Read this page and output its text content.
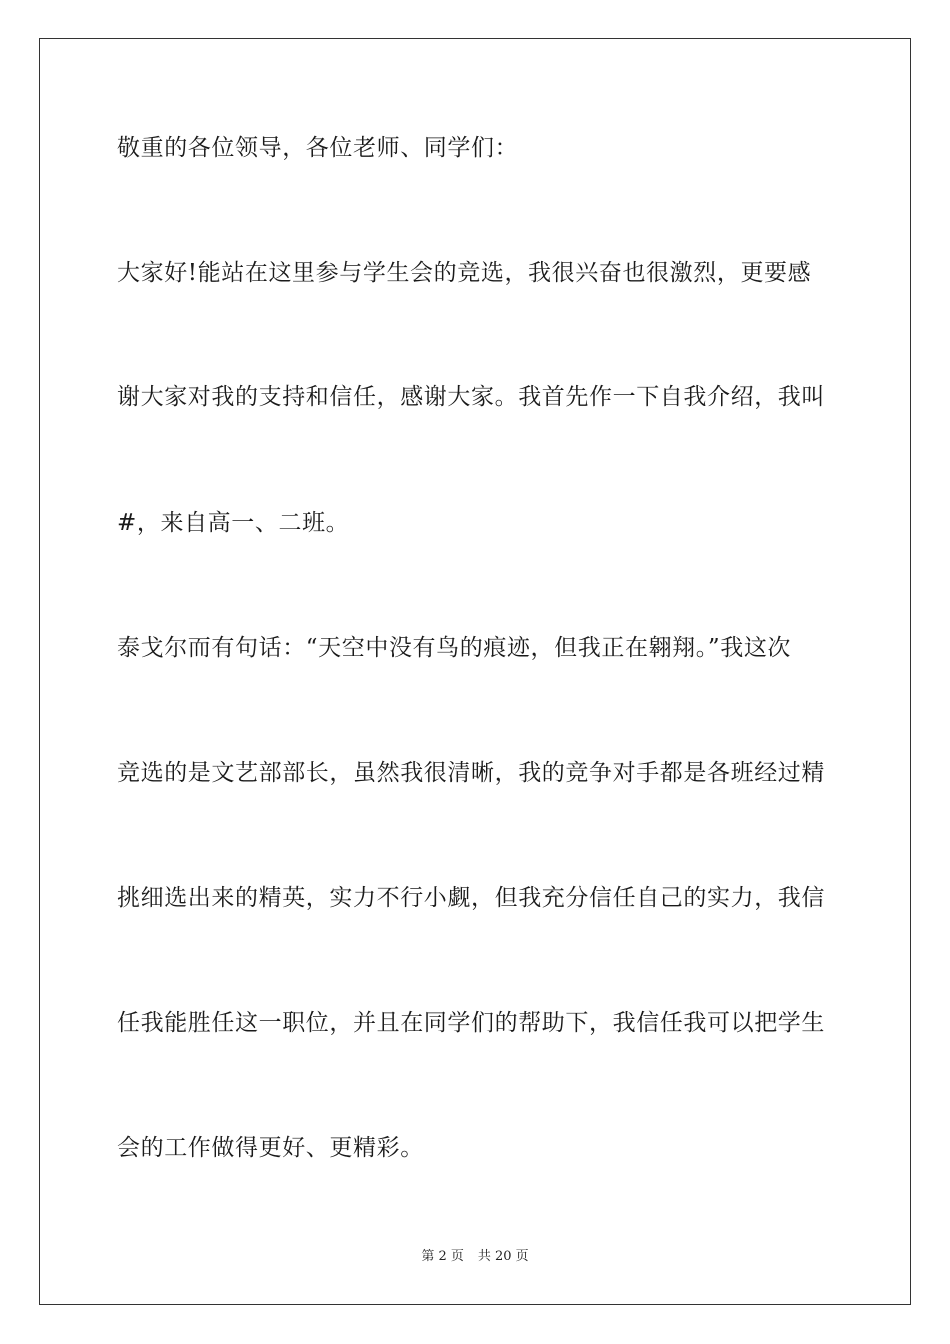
敬重的各位领导，各位老师、同学们：
大家好!能站在这里参与学生会的竞选，我很兴奋也很激烈，更要感
谢大家对我的支持和信任，感谢大家。我首先作一下自我介绍，我叫
#，来自高一、二班。
泰戈尔而有句话：“天空中没有鸟的痕迹，但我正在翱翔。”我这次
竞选的是文艺部部长，虽然我很清晰，我的竞争对手都是各班经过精
挑细选出来的精英，实力不行小觑，但我充分信任自己的实力，我信
任我能胜任这一职位，并且在同学们的帮助下，我信任我可以把学生
会的工作做得更好、更精彩。
第 2 页 共 20 页
